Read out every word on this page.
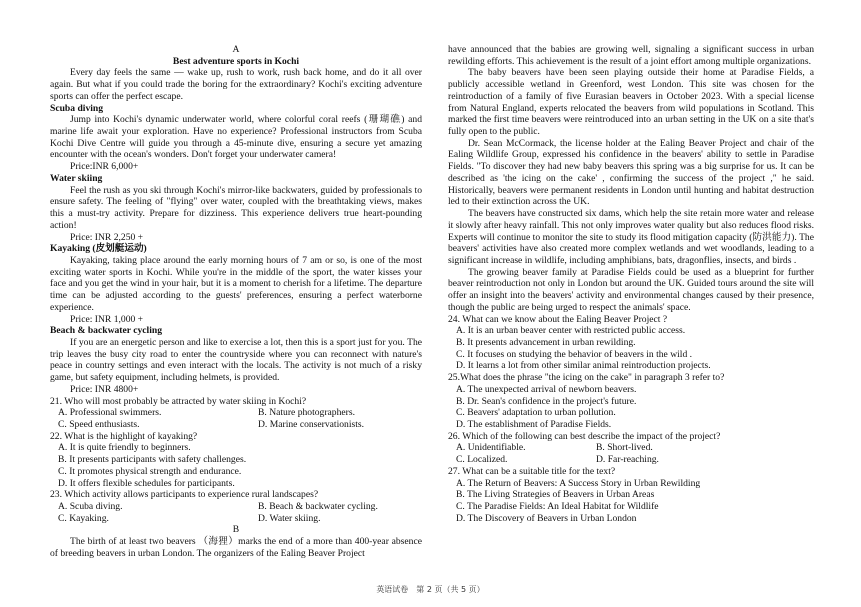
A
Best adventure sports in Kochi

Every day feels the same — wake up, rush to work, rush back home, and do it all over again. But what if you could trade the boring for the extraordinary? Kochi's exciting adventure sports can offer the perfect escape.

Scuba diving

Jump into Kochi's dynamic underwater world, where colorful coral reefs (珊瑚礁) and marine life await your exploration. Have no experience? Professional instructors from Scuba Kochi Dive Centre will guide you through a 45-minute dive, ensuring a secure yet amazing encounter with the ocean's wonders. Don't forget your underwater camera!

Price:INR 6,000+

Water skiing

Feel the rush as you ski through Kochi's mirror-like backwaters, guided by professionals to ensure safety. The feeling of "flying" over water, coupled with the breathtaking views, makes this a must-try activity. Prepare for dizziness. This experience delivers true heart-pounding action!

Price: INR 2,250 +

Kayaking (皮划艇运动)

Kayaking, taking place around the early morning hours of 7 am or so, is one of the most exciting water sports in Kochi. While you're in the middle of the sport, the water kisses your face and you get the wind in your hair, but it is a moment to cherish for a lifetime. The departure time can be adjusted according to the guests' preferences, ensuring a perfect waterborne experience.

Price: INR 1,000 +

Beach & backwater cycling

If you are an energetic person and like to exercise a lot, then this is a sport just for you. The trip leaves the busy city road to enter the countryside where you can reconnect with nature's peace in country settings and even interact with the locals. The activity is not much of a risky game, but safety equipment, including helmets, is provided.

Price: INR 4800+

21. Who will most probably be attracted by water skiing in Kochi?

A. Professional swimmers.	B. Nature photographers.
C. Speed enthusiasts.	D. Marine conservationists.

22. What is the highlight of kayaking?

A. It is quite friendly to beginners.

B. It presents participants with safety challenges.

C. It promotes physical strength and endurance.

D. It offers flexible schedules for participants.

23. Which activity allows participants to experience rural landscapes?

A. Scuba diving.	B. Beach & backwater cycling.
C. Kayaking.	D. Water skiing.
B

The birth of at least two beavers （海狸）marks the end of a more than 400-year absence of breeding beavers in urban London. The organizers of the Ealing Beaver Project

have announced that the babies are growing well, signaling a significant success in urban rewilding efforts. This achievement is the result of a joint effort among multiple organizations.

The baby beavers have been seen playing outside their home at Paradise Fields, a publicly accessible wetland in Greenford, west London. This site was chosen for the reintroduction of a family of five Eurasian beavers in October 2023. With a special license from Natural England, experts relocated the beavers from wild populations in Scotland. This marked the first time beavers were reintroduced into an urban setting in the UK on a site that's fully open to the public.

Dr. Sean McCormack, the license holder at the Ealing Beaver Project and chair of the Ealing Wildlife Group, expressed his confidence in the beavers' ability to settle in Paradise Fields. "To discover they had new baby beavers this spring was a big surprise for us. It can be described as 'the icing on the cake' , confirming the success of the project ," he said. Historically, beavers were permanent residents in London until hunting and habitat destruction led to their extinction across the UK.

The beavers have constructed six dams, which help the site retain more water and release it slowly after heavy rainfall. This not only improves water quality but also reduces flood risks. Experts will continue to monitor the site to study its flood mitigation capacity (防洪能力). The beavers' activities have also created more complex wetlands and wet woodlands, leading to a significant increase in wildlife, including amphibians, bats, dragonflies, insects, and birds .

The growing beaver family at Paradise Fields could be used as a blueprint for further beaver reintroduction not only in London but around the UK. Guided tours around the site will offer an insight into the beavers' activity and environmental changes caused by their presence, though the public are being urged to respect the animals' space.

24. What can we know about the Ealing Beaver Project ?

A. It is an urban beaver center with restricted public access.

B. It presents advancement in urban rewilding.

C. It focuses on studying the behavior of beavers in the wild .

D. It learns a lot from other similar animal reintroduction projects.

25.What does the phrase "the icing on the cake" in paragraph 3 refer to?

A. The unexpected arrival of newborn beavers.

B. Dr. Sean's confidence in the project's future.

C. Beavers' adaptation to urban pollution.

D. The establishment of Paradise Fields.

26. Which of the following can best describe the impact of the project?

A. Unidentifiable.	B. Short-lived.
C. Localized.	D. Far-reaching.

27. What can be a suitable title for the text?

A. The Return of Beavers: A Success Story in Urban Rewilding

B. The Living Strategies of Beavers in Urban Areas

C. The Paradise Fields: An Ideal Habitat for Wildlife

D. The Discovery of Beavers in Urban London

英语试卷　第 2 页（共 5 页）
